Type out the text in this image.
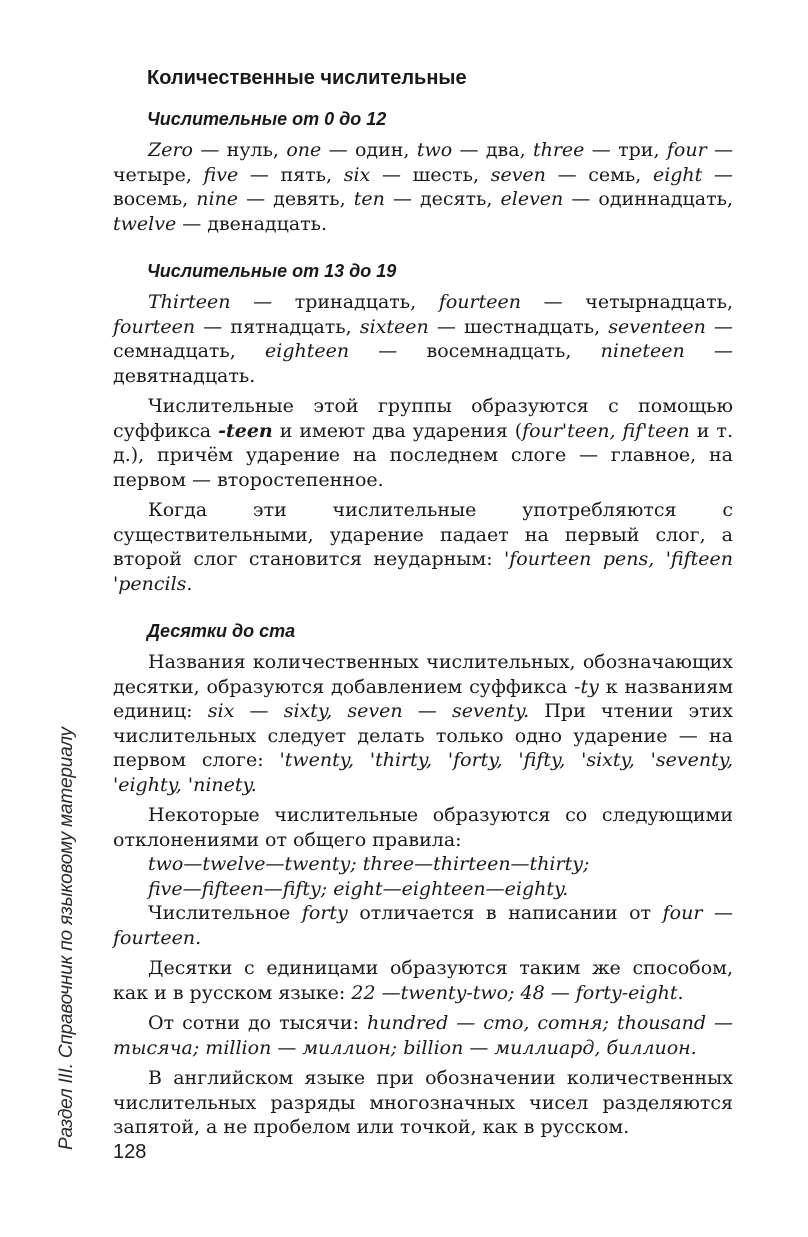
Раздел III. Справочник по языковому материалу
Количественные числительные
Числительные от 0 до 12

Zero — нуль, one — один, two — два, three — три, four — четыре, five — пять, six — шесть, seven — семь, eight — восемь, nine — девять, ten — десять, eleven — одиннадцать, twelve — двенадцать.

Числительные от 13 до 19

Thirteen — тринадцать, fourteen — четырнадцать, fourteen — пятнадцать, sixteen — шестнадцать, seventeen — семнадцать, eighteen — восемнадцать, nineteen — девятнадцать.

Числительные этой группы образуются с помощью суффикса -teen и имеют два ударения (four'teen, fif'teen и т. д.), причём ударение на последнем слоге — главное, на первом — второстепенное.

Когда эти числительные употребляются с существительными, ударение падает на первый слог, а второй слог становится неударным: 'fourteen pens, 'fifteen 'pencils.

Десятки до ста

Названия количественных числительных, обозначающих десятки, образуются добавлением суффикса -ty к названиям единиц: six — sixty, seven — seventy. При чтении этих числительных следует делать только одно ударение — на первом слоге: 'twenty, 'thirty, 'forty, 'fifty, 'sixty, 'seventy, 'eighty, 'ninety.

Некоторые числительные образуются со следующими отклонениями от общего правила:

two—twelve—twenty; three—thirteen—thirty;

five—fifteen—fifty; eight—eighteen—eighty.

Числительное forty отличается в написании от four — fourteen.

Десятки с единицами образуются таким же способом, как и в русском языке: 22 —twenty-two; 48 — forty-eight.

От сотни до тысячи: hundred — сто, сотня; thousand — тысяча; million — миллион; billion — миллиард, биллион.

В английском языке при обозначении количественных числительных разряды многозначных чисел разделяются запятой, а не пробелом или точкой, как в русском.

128
